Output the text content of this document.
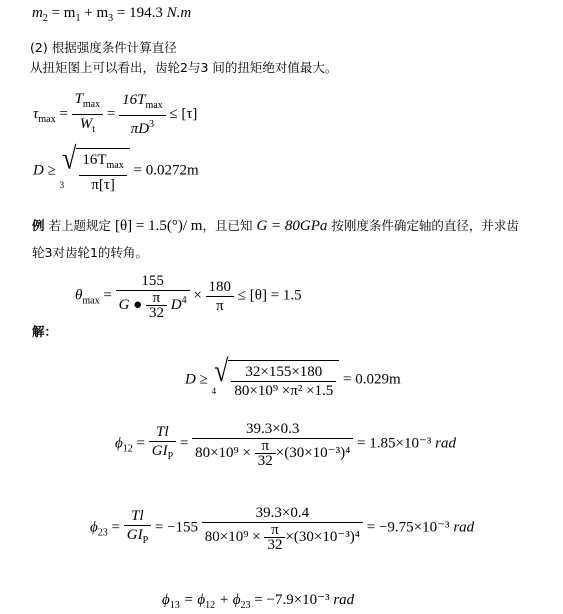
$m_2 = m_1 + m_3 = 194.3$ N.m
(2) 根据强度条件计算直径
从扭矩图上可以看出，齿轮2与3 间的扭矩绝对值最大。
$\tau_{max} = \frac{T_{max}}{W_t} = \frac{16T_{max}}{\pi D^3} \le [\tau]$
D ≥
3
√ $\frac{16T_{max}}{\pi[\tau]} = 0.0272m$
例 若上题规定 [θ] = 1.5(°)/ m，且已知 G = 80GPa 按刚度条件确定轴的直径，并求齿
轮3对齿轮1的转角。
$\theta_{max} = \frac{155}{G ● \frac{\pi}{32} D^4} \times \frac{180}{\pi} \le [\theta] = 1.5$
解：
D ≥
4
√ $\frac{32\times 155\times 180}{\text{80×10⁹ ×π² ×1.5}} = 0.029m$
$\phi_{12} = \frac{Tl}{GI_P} = \frac{39.3\times 0.3}{80\times 10^9 \times \frac{\pi}{32} \times(30\times 10^{-3})^4} = 1.85\times 10^{-3}$ rad
$\phi_{23} = \frac{Tl}{GI_P} = -155 \frac{39.3\times 0.4}{80\times 10^9 \times \frac{\pi}{32} \times(30\times 10^{-3})^4} = -9.75\times 10^{-3}$ rad
$\phi_{13} = \phi_{12} + \phi_{23} = -7.9\times 10^{-3}$ rad
